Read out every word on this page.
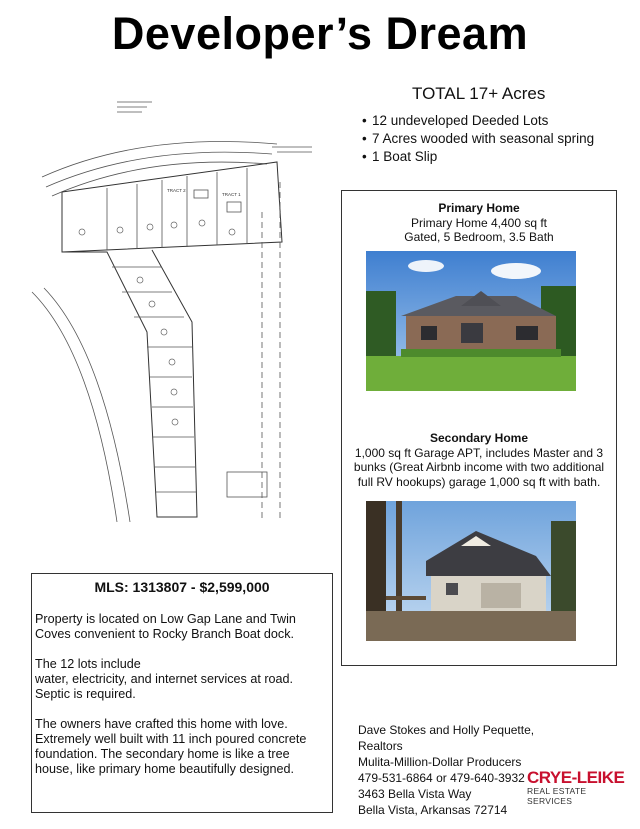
Developer’s Dream
TRACT 2
TRACT 1
TOTAL 17+ Acres
• 12 undeveloped Deeded Lots
• 7 Acres wooded with seasonal spring
• 1 Boat Slip
Primary Home
Primary Home 4,400 sq ft
Gated, 5 Bedroom, 3.5 Bath
Secondary Home
1,000 sq ft Garage APT, includes Master and 3
bunks (Great Airbnb income with two additional
full RV hookups) garage 1,000 sq ft with bath.
MLS: 1313807 - $2,599,000

Property is located on Low Gap Lane and Twin

Coves convenient to Rocky Branch Boat dock.

The 12 lots include

water, electricity, and internet services at road.

Septic is required.

The owners have crafted this home with love.

Extremely well built with 11 inch poured concrete

foundation. The secondary home is like a tree

house, like primary home beautifully designed.

Dave Stokes and Holly Pequette, Realtors
Mulita-Million-Dollar Producers
479-531-6864 or 479-640-3932
3463 Bella Vista Way
Bella Vista, Arkansas 72714
CRYE-LEIKE
REAL ESTATE SERVICES
